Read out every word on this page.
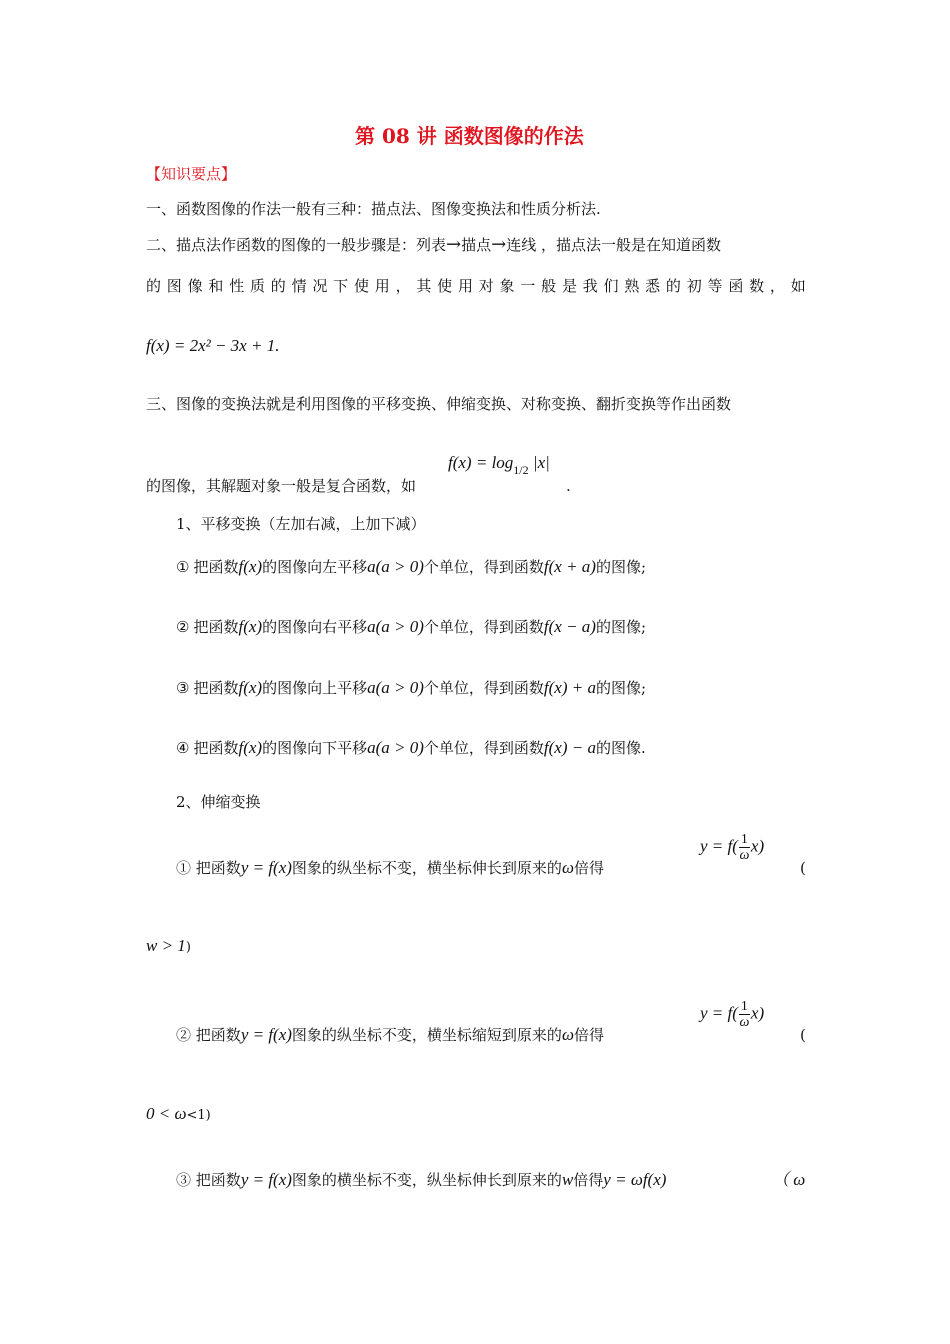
第 08 讲 函数图像的作法
【知识要点】
一、函数图像的作法一般有三种：描点法、图像变换法和性质分析法.
二、描点法作函数的图像的一般步骤是：列表→描点→连线 ，描点法一般是在知道函数
的 图 像 和 性 质 的 情 况 下 使 用 ， 其 使 用 对 象 一 般 是 我 们 熟 悉 的 初 等 函 数 ， 如
f(x) = 2x² − 3x + 1.
三、图像的变换法就是利用图像的平移变换、伸缩变换、对称变换、翻折变换等作出函数
的图像，其解题对象一般是复合函数，如
$f(x) = \log_{1/2} |x|$
.
1、平移变换（左加右减，上加下减）
① 把函数f(x)的图像向左平移a(a > 0)个单位，得到函数f(x + a)的图像;
② 把函数f(x)的图像向右平移a(a > 0)个单位，得到函数f(x − a)的图像;
③ 把函数f(x)的图像向上平移a(a > 0)个单位，得到函数f(x) + a的图像;
④ 把函数f(x)的图像向下平移a(a > 0)个单位，得到函数f(x) − a的图像.
2、伸缩变换
① 把函数y = f(x)图象的纵坐标不变，横坐标伸长到原来的ω倍得
$y = f( \frac{1}{\omega} x)$
(
w > 1)
② 把函数y = f(x)图象的纵坐标不变，横坐标缩短到原来的ω倍得
$y = f( \frac{1}{\omega} x)$
(
0 < ω<1)
③ 把函数y = f(x)图象的横坐标不变，纵坐标伸长到原来的w倍得y = ωf(x)	（ ω
